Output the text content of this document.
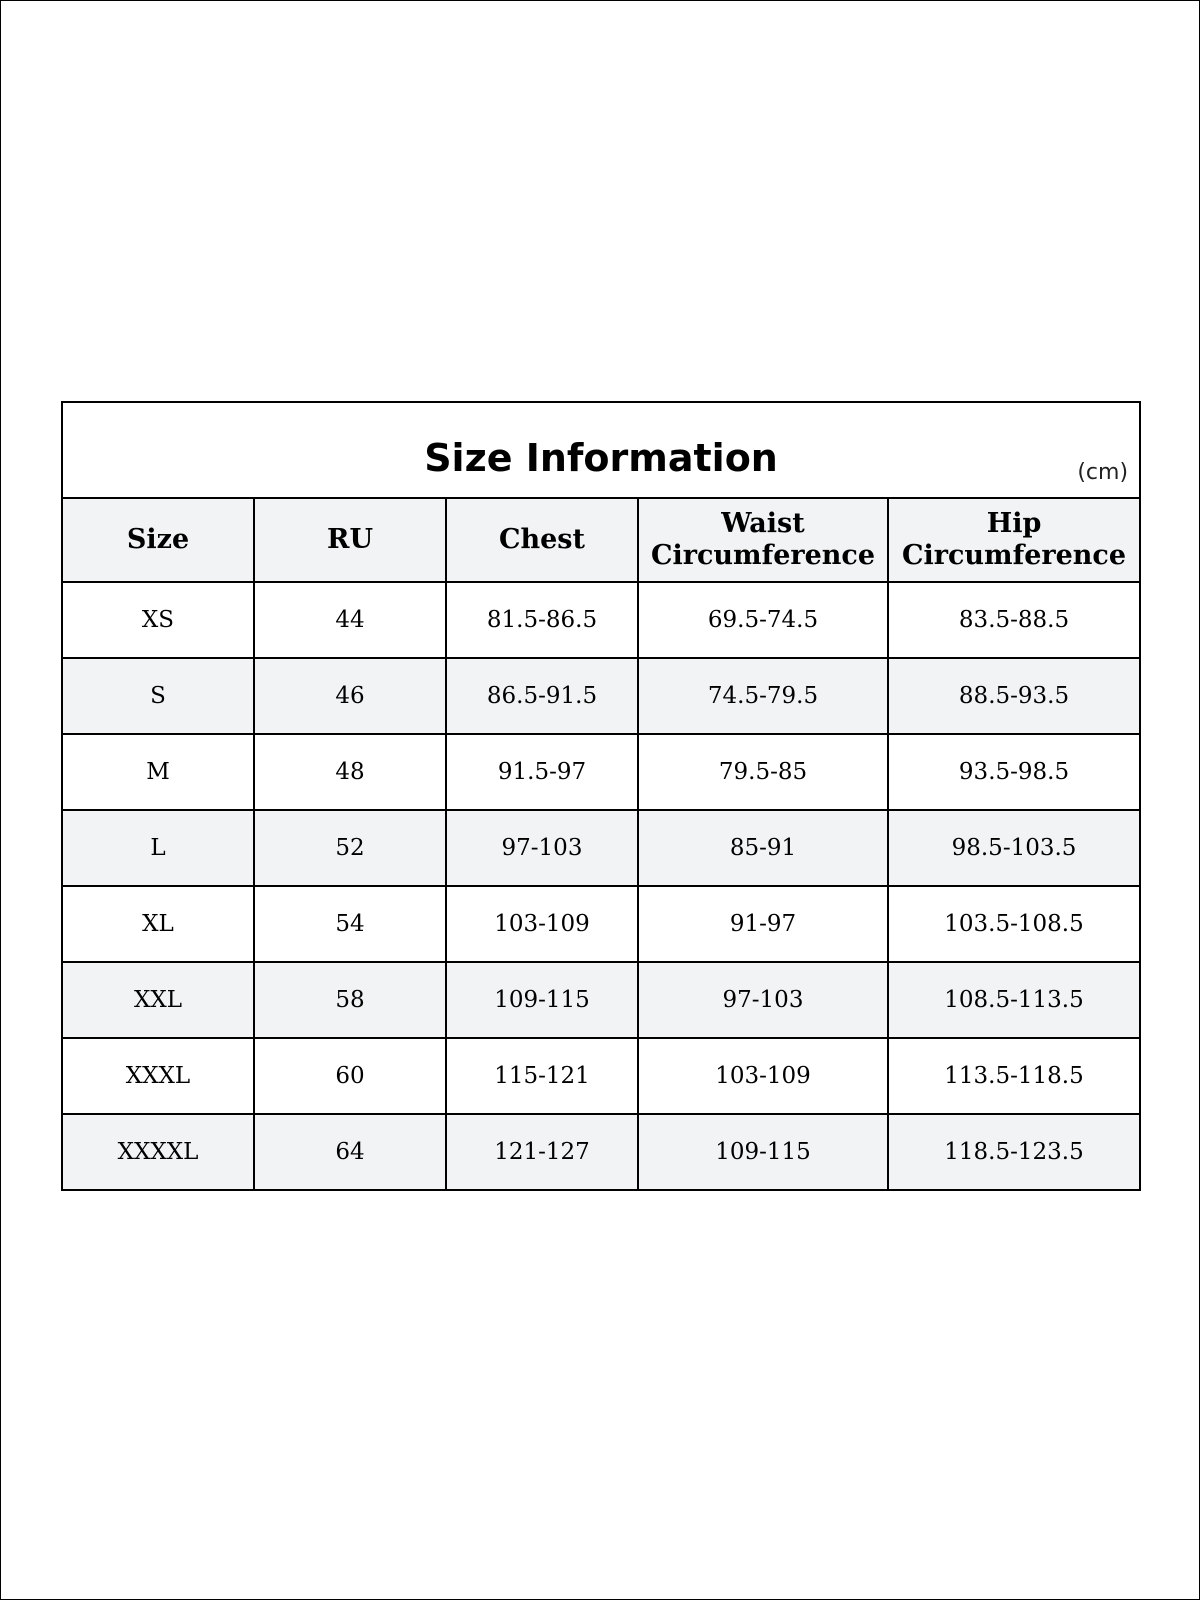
Size Information (cm)				

Size	RU	Chest	Waist Circumference	Hip Circumference
XS	44	81.5-86.5	69.5-74.5	83.5-88.5
S	46	86.5-91.5	74.5-79.5	88.5-93.5
M	48	91.5-97	79.5-85	93.5-98.5
L	52	97-103	85-91	98.5-103.5
XL	54	103-109	91-97	103.5-108.5
XXL	58	109-115	97-103	108.5-113.5
XXXL	60	115-121	103-109	113.5-118.5
XXXXL	64	121-127	109-115	118.5-123.5
